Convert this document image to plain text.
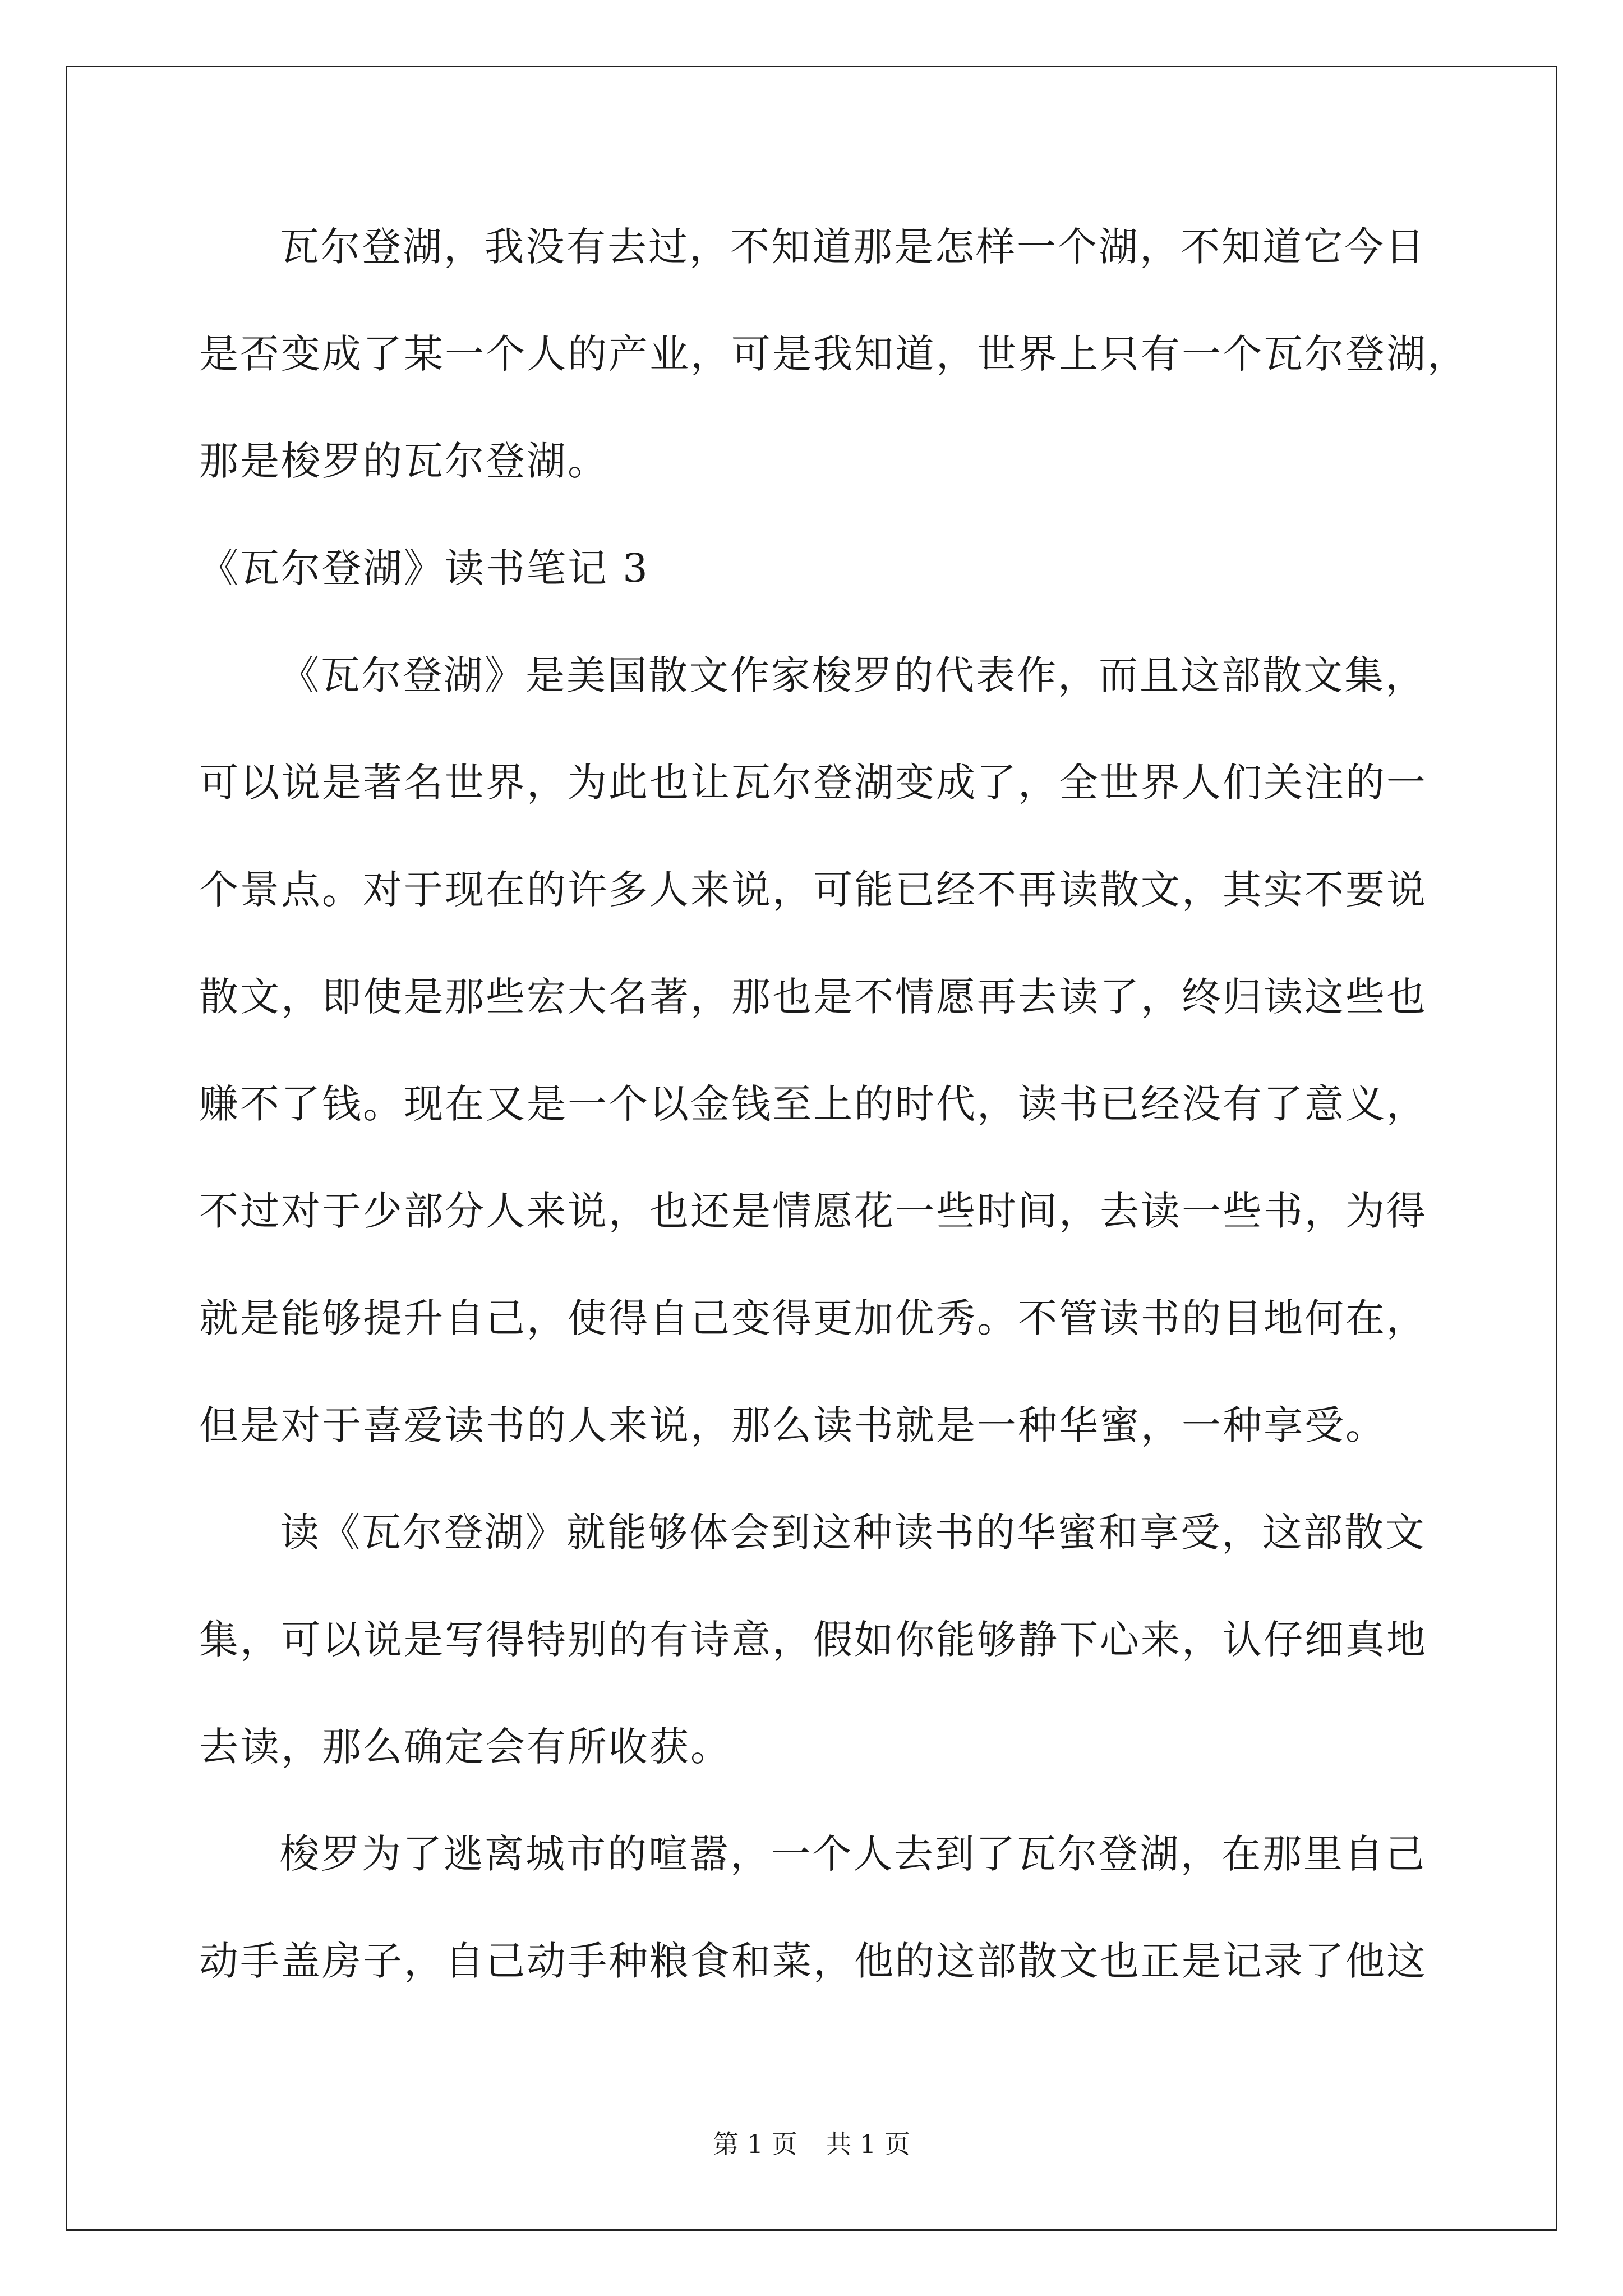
瓦尔登湖，我没有去过，不知道那是怎样一个湖，不知道它今日
是否变成了某一个人的产业，可是我知道，世界上只有一个瓦尔登湖，
那是梭罗的瓦尔登湖。
《瓦尔登湖》读书笔记 3
《瓦尔登湖》是美国散文作家梭罗的代表作，而且这部散文集，
可以说是著名世界，为此也让瓦尔登湖变成了，全世界人们关注的一
个景点。对于现在的许多人来说，可能已经不再读散文，其实不要说
散文，即使是那些宏大名著，那也是不情愿再去读了，终归读这些也
赚不了钱。现在又是一个以金钱至上的时代，读书已经没有了意义，
不过对于少部分人来说，也还是情愿花一些时间，去读一些书，为得
就是能够提升自己，使得自己变得更加优秀。不管读书的目地何在，
但是对于喜爱读书的人来说，那么读书就是一种华蜜，一种享受。
读《瓦尔登湖》就能够体会到这种读书的华蜜和享受，这部散文
集，可以说是写得特别的有诗意，假如你能够静下心来，认仔细真地
去读，那么确定会有所收获。
梭罗为了逃离城市的喧嚣，一个人去到了瓦尔登湖，在那里自己
动手盖房子，自己动手种粮食和菜，他的这部散文也正是记录了他这
第 1 页 共 1 页
